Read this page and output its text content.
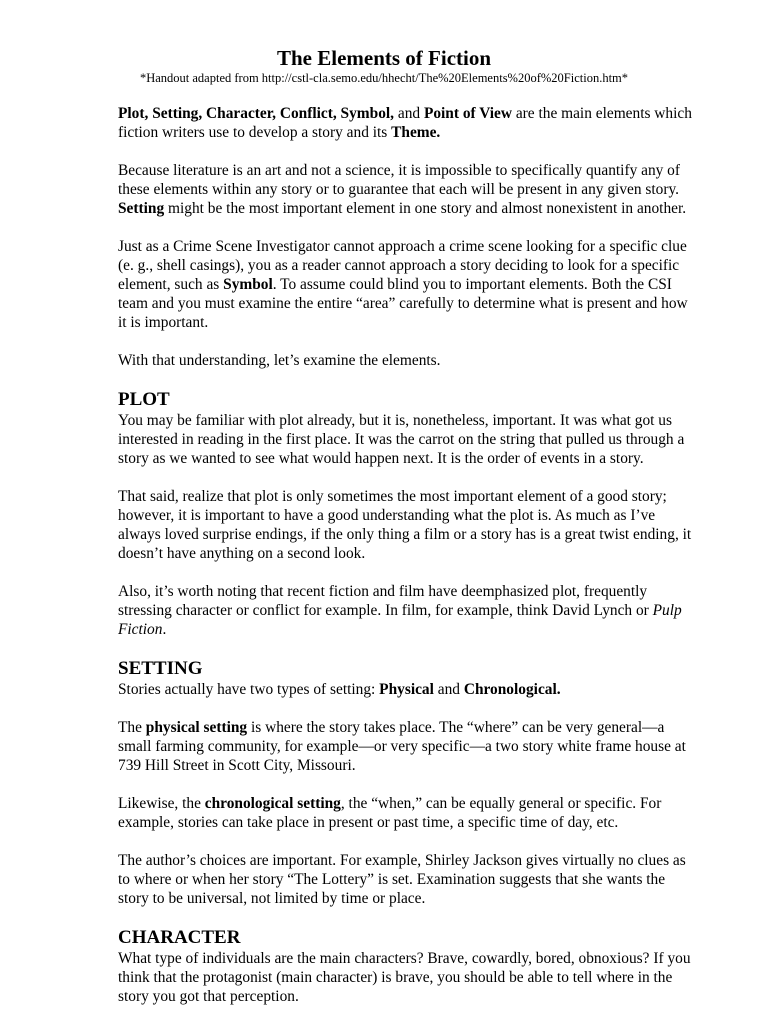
The Elements of Fiction
*Handout adapted from http://cstl-cla.semo.edu/hhecht/The%20Elements%20of%20Fiction.htm*

Plot, Setting, Character, Conflict, Symbol, and Point of View are the main elements which fiction writers use to develop a story and its Theme.

Because literature is an art and not a science, it is impossible to specifically quantify any of these elements within any story or to guarantee that each will be present in any given story. Setting might be the most important element in one story and almost nonexistent in another.

Just as a Crime Scene Investigator cannot approach a crime scene looking for a specific clue (e. g., shell casings), you as a reader cannot approach a story deciding to look for a specific element, such as Symbol. To assume could blind you to important elements. Both the CSI team and you must examine the entire “area” carefully to determine what is present and how it is important.

With that understanding, let’s examine the elements.

PLOT

You may be familiar with plot already, but it is, nonetheless, important. It was what got us interested in reading in the first place. It was the carrot on the string that pulled us through a story as we wanted to see what would happen next. It is the order of events in a story.

That said, realize that plot is only sometimes the most important element of a good story; however, it is important to have a good understanding what the plot is. As much as I’ve always loved surprise endings, if the only thing a film or a story has is a great twist ending, it doesn’t have anything on a second look.

Also, it’s worth noting that recent fiction and film have deemphasized plot, frequently stressing character or conflict for example. In film, for example, think David Lynch or Pulp Fiction.

SETTING

Stories actually have two types of setting: Physical and Chronological.

The physical setting is where the story takes place. The “where” can be very general—a small farming community, for example—or very specific—a two story white frame house at 739 Hill Street in Scott City, Missouri.

Likewise, the chronological setting, the “when,” can be equally general or specific. For example, stories can take place in present or past time, a specific time of day, etc.

The author’s choices are important. For example, Shirley Jackson gives virtually no clues as to where or when her story “The Lottery” is set. Examination suggests that she wants the story to be universal, not limited by time or place.

CHARACTER

What type of individuals are the main characters? Brave, cowardly, bored, obnoxious? If you think that the protagonist (main character) is brave, you should be able to tell where in the story you got that perception.
